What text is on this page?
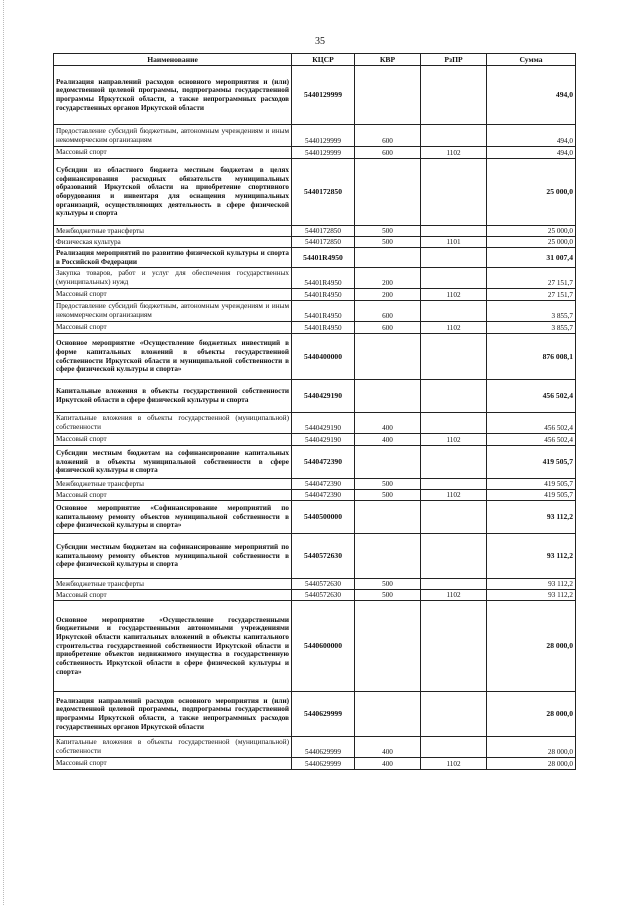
35
Наименование	КЦСР	КВР	РзПР	Сумма
Реализация направлений расходов основного мероприятия и (или) ведомственной целевой программы, подпрограммы государственной программы Иркутской области, а также непрограммных расходов государственных органов Иркутской области	5440129999			494,0
Предоставление субсидий бюджетным, автономным учреждениям и иным некоммерческим организациям	5440129999	600		494,0
Массовый спорт	5440129999	600	1102	494,0
Субсидии из областного бюджета местным бюджетам в целях софинансирования расходных обязательств муниципальных образований Иркутской области на приобретение спортивного оборудования и инвентаря для оснащения муниципальных организаций, осуществляющих деятельность в сфере физической культуры и спорта	5440172850			25 000,0
Межбюджетные трансферты	5440172850	500		25 000,0
Физическая культура	5440172850	500	1101	25 000,0
Реализация мероприятий по развитию физической культуры и спорта в Российской Федерации	54401R4950			31 007,4
Закупка товаров, работ и услуг для обеспечения государственных (муниципальных) нужд	54401R4950	200		27 151,7
Массовый спорт	54401R4950	200	1102	27 151,7
Предоставление субсидий бюджетным, автономным учреждениям и иным некоммерческим организациям	54401R4950	600		3 855,7
Массовый спорт	54401R4950	600	1102	3 855,7
Основное мероприятие «Осуществление бюджетных инвестиций в форме капитальных вложений в объекты государственной собственности Иркутской области и муниципальной собственности в сфере физической культуры и спорта»	5440400000			876 008,1
Капитальные вложения в объекты государственной собственности Иркутской области в сфере физической культуры и спорта	5440429190			456 502,4
Капитальные вложения в объекты государственной (муниципальной) собственности	5440429190	400		456 502,4
Массовый спорт	5440429190	400	1102	456 502,4
Субсидии местным бюджетам на софинансирование капитальных вложений в объекты муниципальной собственности в сфере физической культуры и спорта	5440472390			419 505,7
Межбюджетные трансферты	5440472390	500		419 505,7
Массовый спорт	5440472390	500	1102	419 505,7
Основное мероприятие «Софинансирование мероприятий по капитальному ремонту объектов муниципальной собственности в сфере физической культуры и спорта»	5440500000			93 112,2
Субсидии местным бюджетам на софинансирование мероприятий по капитальному ремонту объектов муниципальной собственности в сфере физической культуры и спорта	5440572630			93 112,2
Межбюджетные трансферты	5440572630	500		93 112,2
Массовый спорт	5440572630	500	1102	93 112,2
Основное мероприятие «Осуществление государственными бюджетными и государственными автономными учреждениями Иркутской области капитальных вложений в объекты капитального строительства государственной собственности Иркутской области и приобретение объектов недвижимого имущества в государственную собственность Иркутской области в сфере физической культуры и спорта»	5440600000			28 000,0
Реализация направлений расходов основного мероприятия и (или) ведомственной целевой программы, подпрограммы государственной программы Иркутской области, а также непрограммных расходов государственных органов Иркутской области	5440629999			28 000,0
Капитальные вложения в объекты государственной (муниципальной) собственности	5440629999	400		28 000,0
Массовый спорт	5440629999	400	1102	28 000,0
